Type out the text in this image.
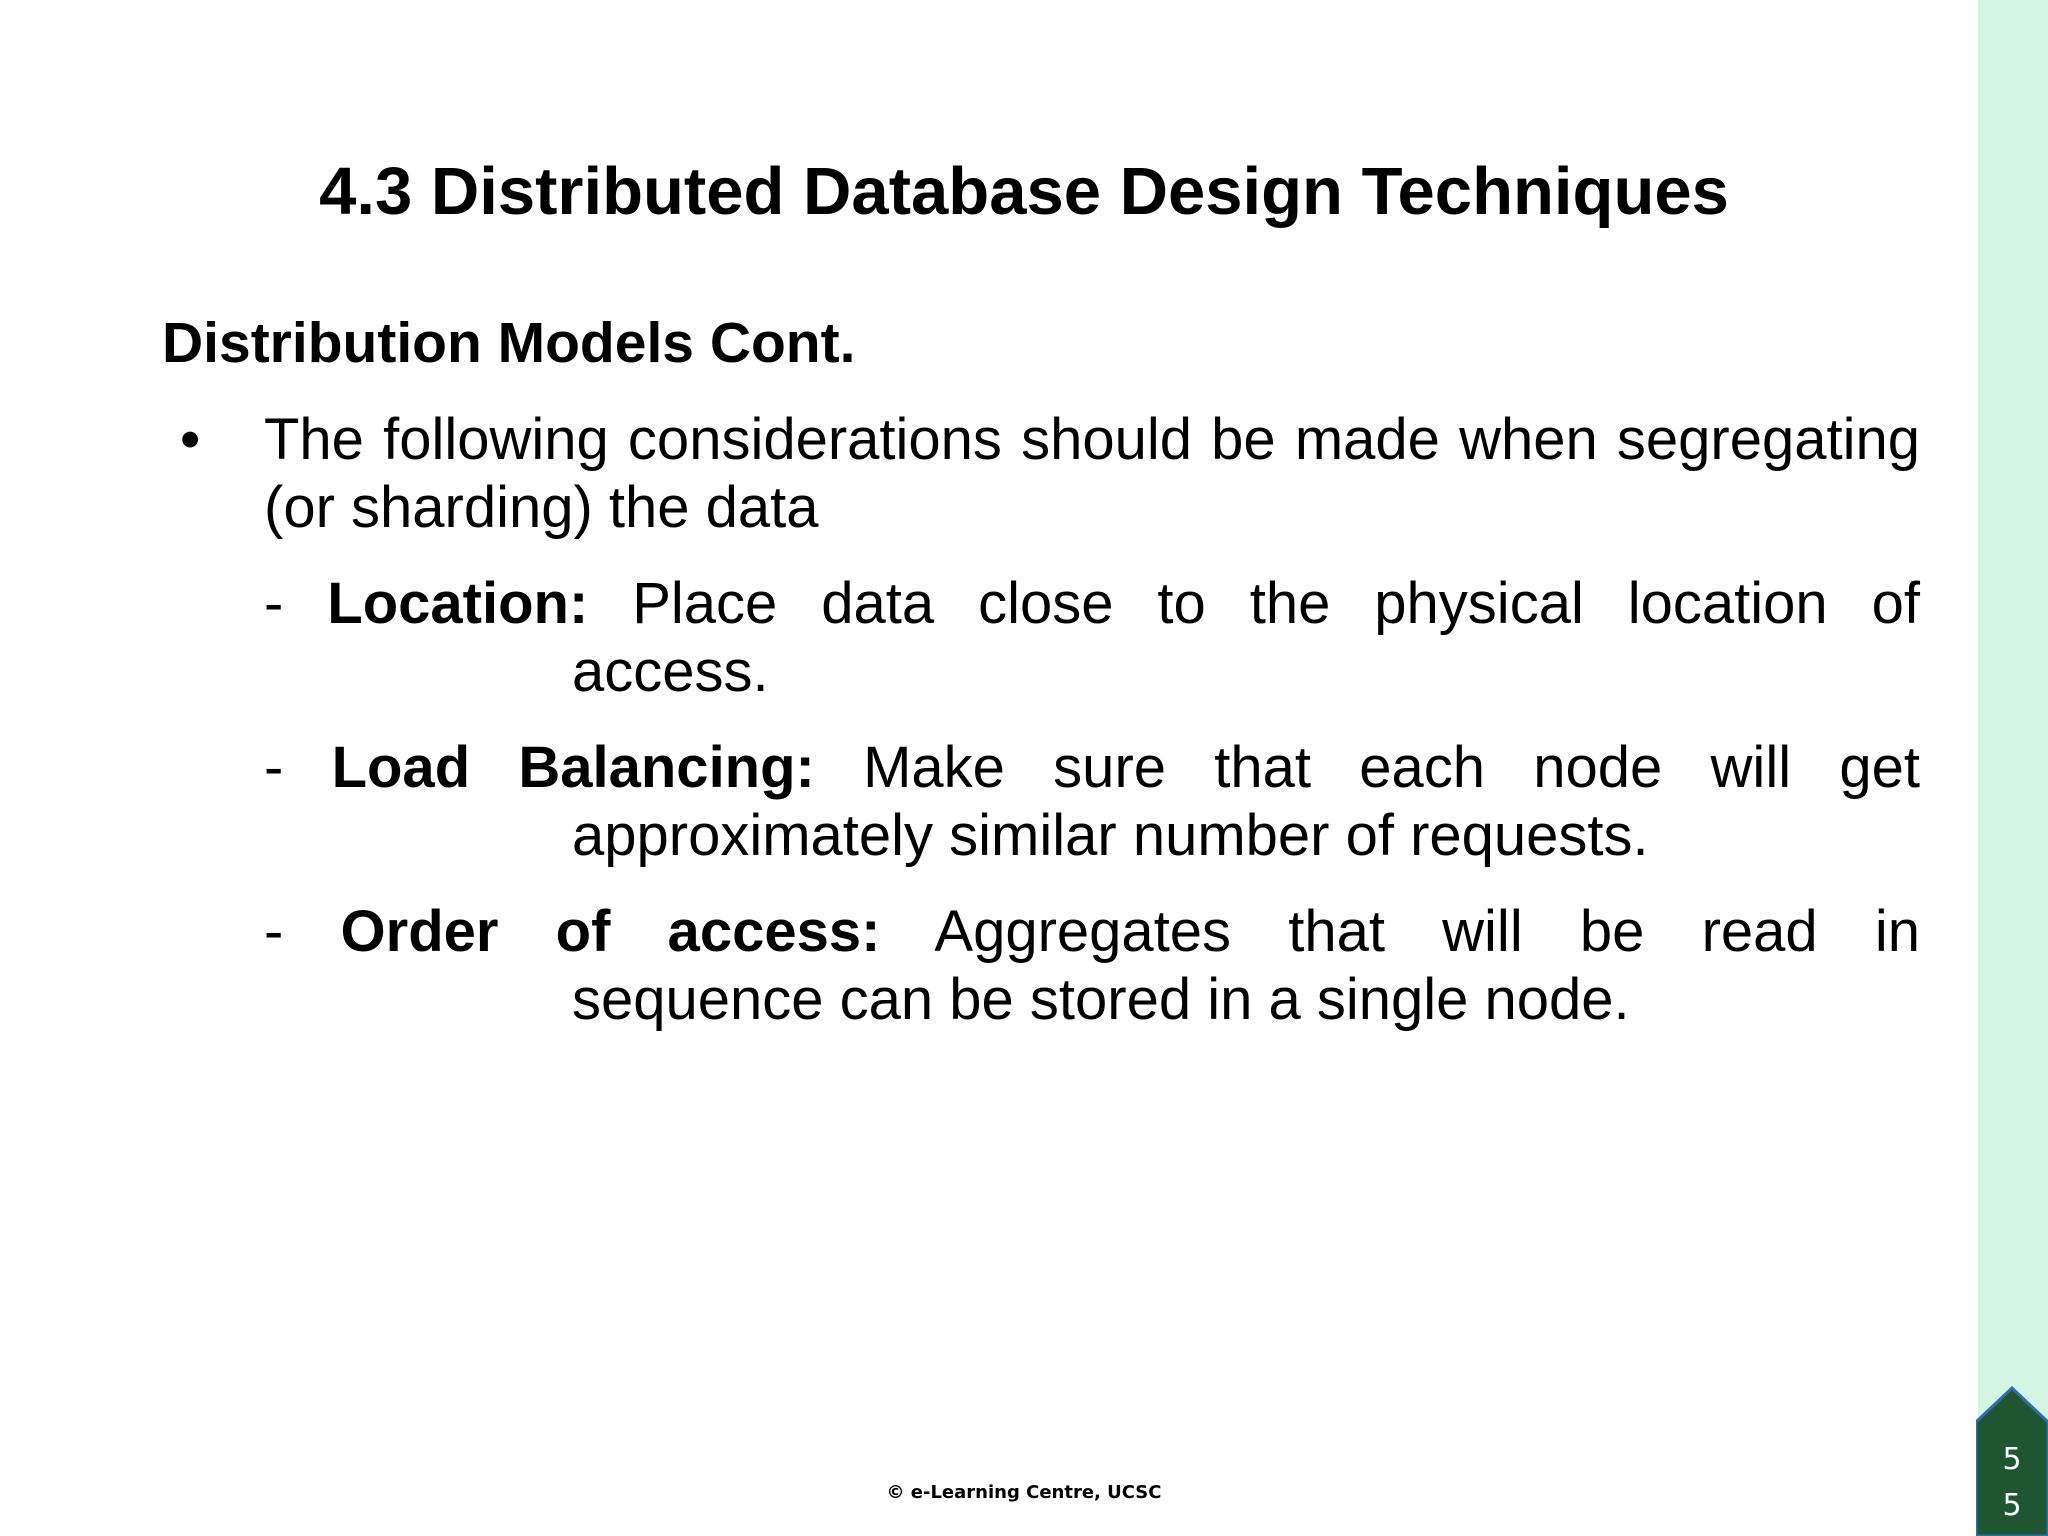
4.3 Distributed Database Design Techniques
Distribution Models Cont.
• The following considerations should be made when segregating (or sharding) the data

- Location: Place data close to the physical location of
access.
- Load Balancing: Make sure that each node will get
approximately similar number of requests.
- Order of access: Aggregates that will be read in
sequence can be stored in a single node.
© e-Learning Centre, UCSC
5
5
